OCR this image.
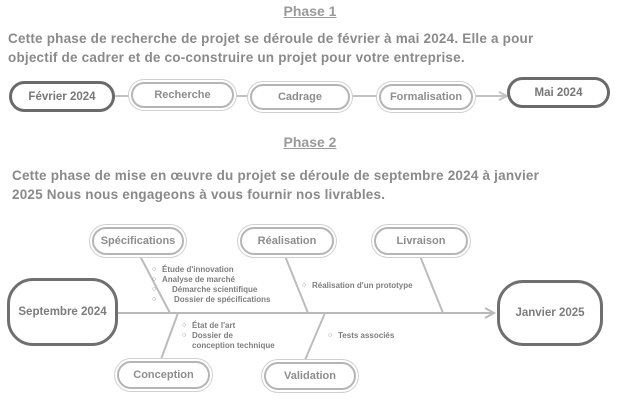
Phase 1
Cette phase de recherche de projet se déroule de février à mai 2024. Elle a pour
objectif de cadrer et de co-construire un projet pour votre entreprise.
Février 2024	Recherche	Cadrage	Formalisation	Mai 2024
Phase 2
Cette phase de mise en œuvre du projet se déroule de septembre 2024 à janvier
2025 Nous nous engageons à vous fournir nos livrables.
Septembre 2024	Janvier 2025
Spécifications	Réalisation	Livraison
Conception	Validation
○ Étude d'innovation
○ Analyse de marché
○ Démarche scientifique
○ Dossier de spécifications
○ Réalisation d'un prototype
○ État de l'art
○ Dossier de
conception technique
○ Tests associés
